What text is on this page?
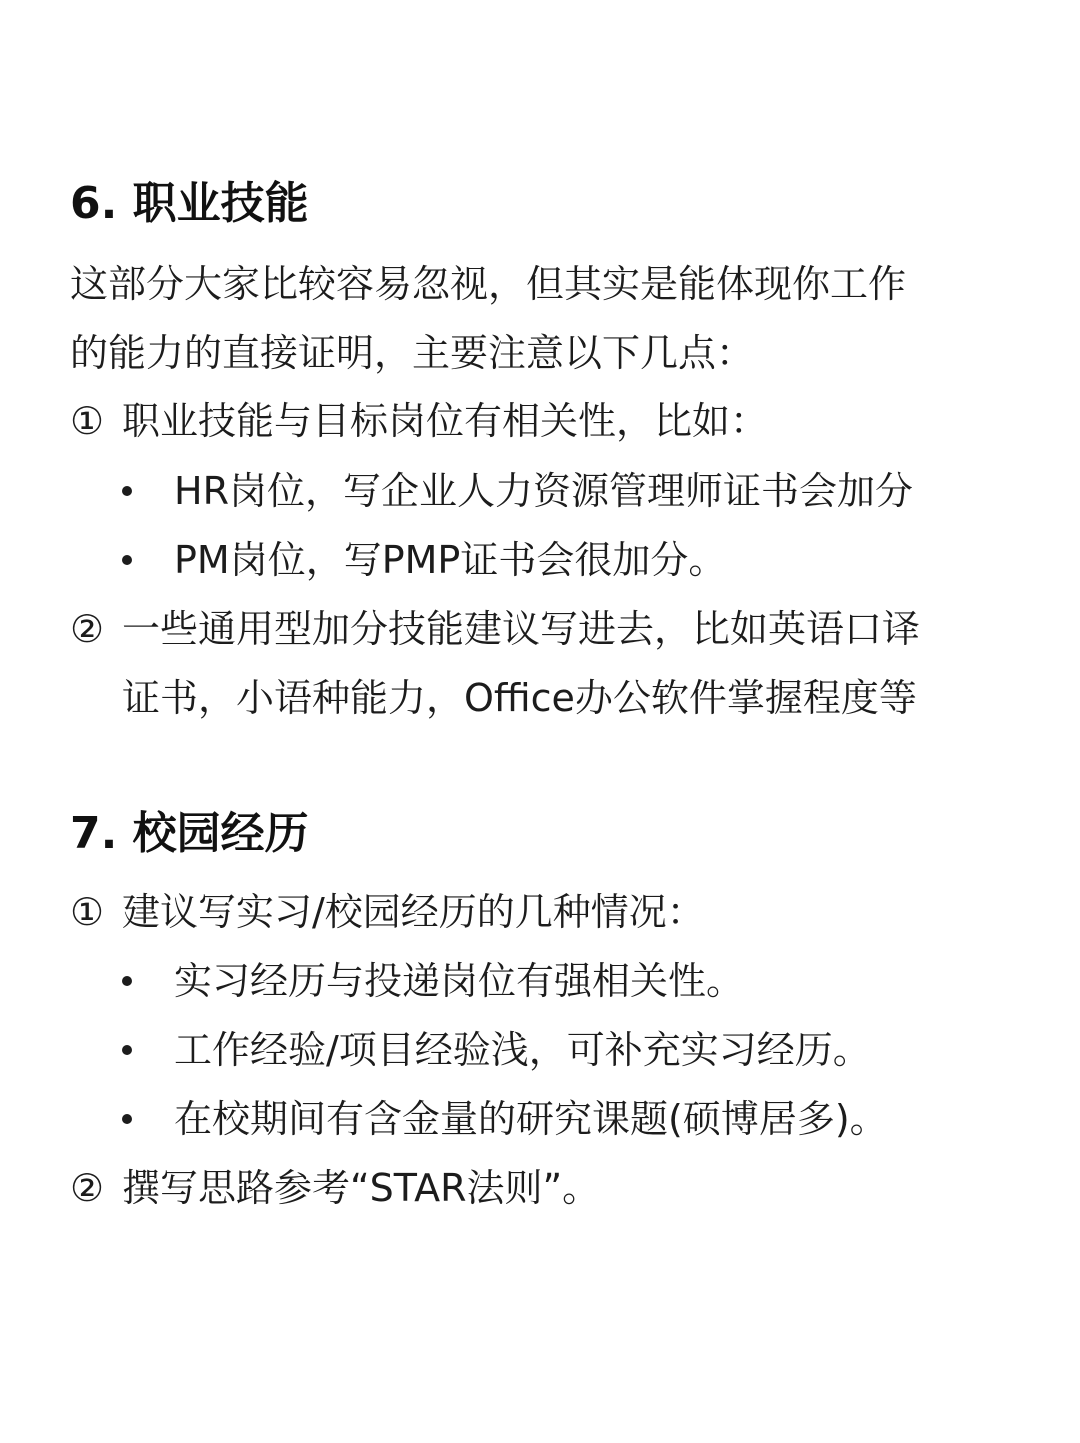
6. 职业技能
这部分大家比较容易忽视，但其实是能体现你工作
的能力的直接证明，主要注意以下几点：
① 职业技能与目标岗位有相关性，比如：
HR岗位，写企业人力资源管理师证书会加分
PM岗位，写PMP证书会很加分。
② 一些通用型加分技能建议写进去，比如英语口译
证书，小语种能力，Office办公软件掌握程度等
7. 校园经历
① 建议写实习/校园经历的几种情况：
实习经历与投递岗位有强相关性。
工作经验/项目经验浅，可补充实习经历。
在校期间有含金量的研究课题(硕博居多)。
② 撰写思路参考“STAR法则”。
